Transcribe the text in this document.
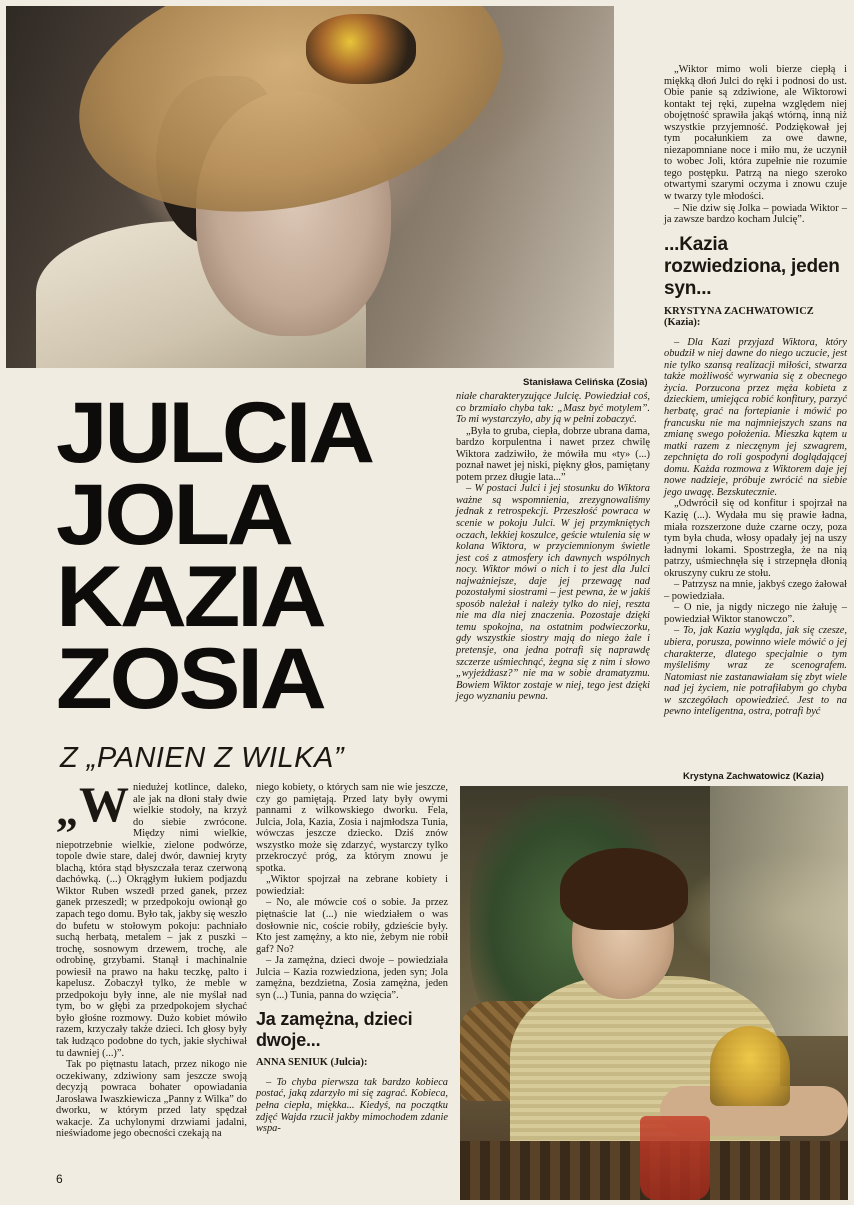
Stanisława Celińska (Zosia)
JULCIA
JOLA
KAZIA
ZOSIA
Z „PANIEN Z WILKA”

„W niedużej kotlince, daleko, ale jak na dłoni stały dwie wielkie stodoły, na krzyż do siebie zwrócone. Między nimi wielkie, niepotrzebnie wielkie, zielone podwórze, topole dwie stare, dalej dwór, dawniej kryty blachą, która stąd błyszczała teraz czerwoną dachówką. (...) Okrągłym łukiem podjazdu Wiktor Ruben wszedł przed ganek, przez ganek przeszedł; w przedpokoju owionął go zapach tego domu. Było tak, jakby się weszło do bufetu w stołowym pokoju: pachniało suchą herbatą, metalem – jak z puszki – trochę, sosnowym drzewem, trochę, ale odrobinę, grzybami. Stanął i machinalnie powiesił na prawo na haku teczkę, palto i kapelusz. Zobaczył tylko, że meble w przedpokoju były inne, ale nie myślał nad tym, bo w głębi za przedpokojem słychać było głośne rozmowy. Dużo kobiet mówiło razem, krzyczały także dzieci. Ich głosy były tak łudząco podobne do tych, jakie słychiwał tu dawniej (...)”.

Tak po piętnastu latach, przez nikogo nie oczekiwany, zdziwiony sam jeszcze swoją decyzją powraca bohater opowiadania Jarosława Iwaszkiewicza „Panny z Wilka” do dworku, w którym przed laty spędzał wakacje. Za uchylonymi drzwiami jadalni, nieświadome jego obecności czekają na

niego kobiety, o których sam nie wie jeszcze, czy go pamiętają. Przed laty były owymi pannami z wilkowskiego dworku. Fela, Julcia, Jola, Kazia, Zosia i najmłodsza Tunia, wówczas jeszcze dziecko. Dziś znów wszystko może się zdarzyć, wystarczy tylko przekroczyć próg, za którym znowu je spotka.

„Wiktor spojrzał na zebrane kobiety i powiedział:

– No, ale mówcie coś o sobie. Ja przez piętnaście lat (...) nie wiedziałem o was dosłownie nic, coście robiły, gdzieście były. Kto jest zamężny, a kto nie, żebym nie robił gaf? No?

– Ja zamężna, dzieci dwoje – powiedziała Julcia – Kazia rozwiedziona, jeden syn; Jola zamężna, bezdzietna, Zosia zamężna, jeden syn (...) Tunia, panna do wzięcia”.

Ja zamężna, dzieci dwoje...
ANNA SENIUK (Julcia):

– To chyba pierwsza tak bardzo kobieca postać, jaką zdarzyło mi się zagrać. Kobieca, pełna ciepła, miękka... Kiedyś, na początku zdjęć Wajda rzucił jakby mimochodem zdanie wspa-

niałe charakteryzujące Julcię. Powiedział coś, co brzmiało chyba tak: „Masz być motylem”. To mi wystarczyło, aby ją w pełni zobaczyć.

„Była to gruba, ciepła, dobrze ubrana dama, bardzo korpulentna i nawet przez chwilę Wiktora zadziwiło, że mówiła mu «ty» (...) poznał nawet jej niski, piękny głos, pamiętany potem przez długie lata...”

– W postaci Julci i jej stosunku do Wiktora ważne są wspomnienia, zrezygnowaliśmy jednak z retrospekcji. Przeszłość powraca w scenie w pokoju Julci. W jej przymkniętych oczach, lekkiej koszulce, geście wtulenia się w kolana Wiktora, w przyciemnionym świetle jest coś z atmosfery ich dawnych wspólnych nocy. Wiktor mówi o nich i to jest dla Julci najważniejsze, daje jej przewagę nad pozostałymi siostrami – jest pewna, że w jakiś sposób należał i należy tylko do niej, reszta nie ma dla niej znaczenia. Pozostaje dzięki temu spokojna, na ostatnim podwieczorku, gdy wszystkie siostry mają do niego żale i pretensje, ona jedna potrafi się naprawdę szczerze uśmiechnąć, żegna się z nim i słowo „wyjeżdżasz?” nie ma w sobie dramatyzmu. Bowiem Wiktor zostaje w niej, tego jest dzięki jego wyznaniu pewna.

„Wiktor mimo woli bierze ciepłą i miękką dłoń Julci do ręki i podnosi do ust. Obie panie są zdziwione, ale Wiktorowi kontakt tej ręki, zupełna względem niej obojętność sprawiła jakąś wtórną, inną niż wszystkie przyjemność. Podziękował jej tym pocałunkiem za owe dawne, niezapomniane noce i miło mu, że uczynił to wobec Joli, która zupełnie nie rozumie tego postępku. Patrzą na niego szeroko otwartymi szarymi oczyma i znowu czuje w twarzy tyle młodości.

– Nie dziw się Jolka – powiada Wiktor – ja zawsze bardzo kocham Julcię”.

...Kazia rozwiedziona, jeden syn...
KRYSTYNA ZACHWATOWICZ (Kazia):

– Dla Kazi przyjazd Wiktora, który obudził w niej dawne do niego uczucie, jest nie tylko szansą realizacji miłości, stwarza także możliwość wyrwania się z obecnego życia. Porzucona przez męża kobieta z dzieckiem, umiejąca robić konfitury, parzyć herbatę, grać na fortepianie i mówić po francusku nie ma najmniejszych szans na zmianę swego położenia. Mieszka kątem u matki razem z nieczęnym jej szwagrem, zepchnięta do roli gospodyni doglądającej domu. Każda rozmowa z Wiktorem daje jej nowe nadzieje, próbuje zwrócić na siebie jego uwagę. Bezskutecznie.

„Odwrócił się od konfitur i spojrzał na Kazię (...). Wydała mu się prawie ładna, miała rozszerzone duże czarne oczy, poza tym była chuda, włosy opadały jej na uszy ładnymi lokami. Spostrzegła, że na nią patrzy, uśmiechnęła się i strzepnęła dłonią okruszyny cukru ze stołu.

– Patrzysz na mnie, jakbyś czego żałował – powiedziała.

– O nie, ja nigdy niczego nie żałuję – powiedział Wiktor stanowczo”.

– To, jak Kazia wygląda, jak się czesze, ubiera, porusza, powinno wiele mówić o jej charakterze, dlatego specjalnie o tym myśleliśmy wraz ze scenografem. Natomiast nie zastanawiałam się zbyt wiele nad jej życiem, nie potrafiłabym go chyba w szczegółach opowiedzieć. Jest to na pewno inteligentna, ostra, potrafi być

Krystyna Zachwatowicz (Kazia)
6
